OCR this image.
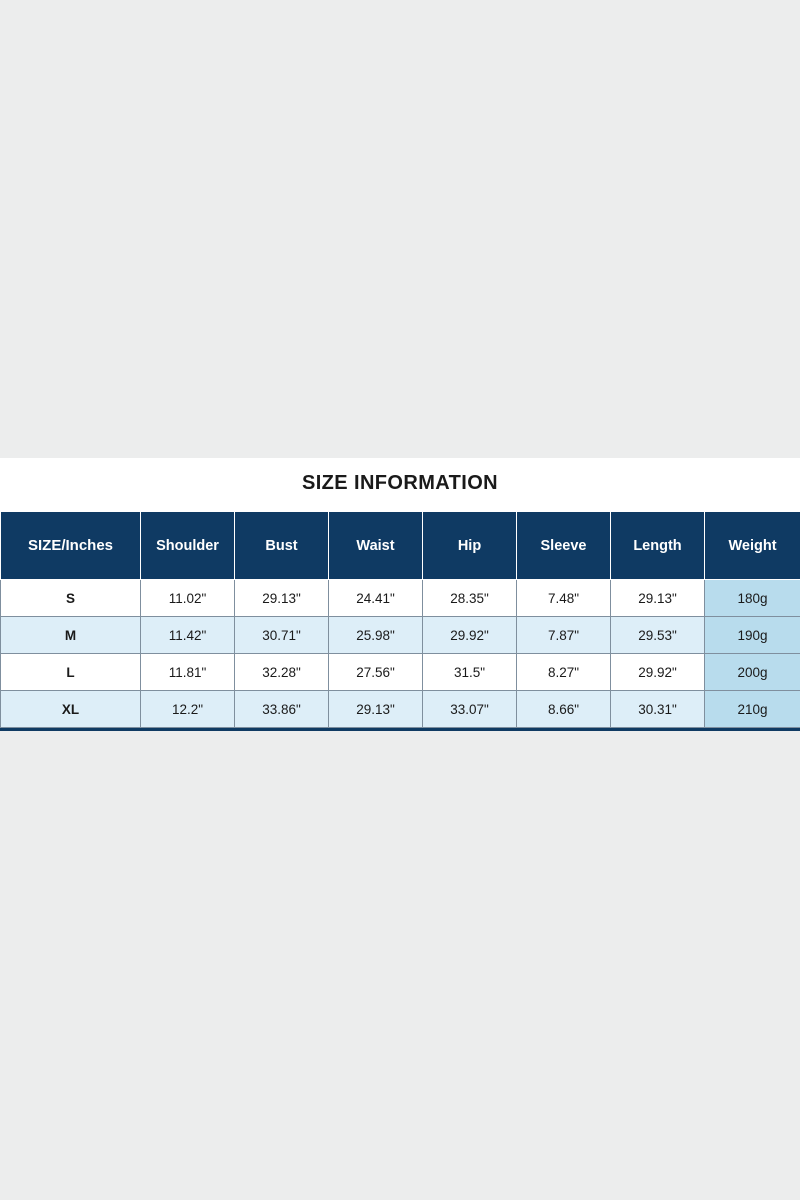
SIZE INFORMATION
SIZE/Inches	Shoulder	Bust	Waist	Hip	Sleeve	Length	Weight
S	11.02"	29.13"	24.41"	28.35"	7.48"	29.13"	180g
M	11.42"	30.71"	25.98"	29.92"	7.87"	29.53"	190g
L	11.81"	32.28"	27.56"	31.5"	8.27"	29.92"	200g
XL	12.2"	33.86"	29.13"	33.07"	8.66"	30.31"	210g
